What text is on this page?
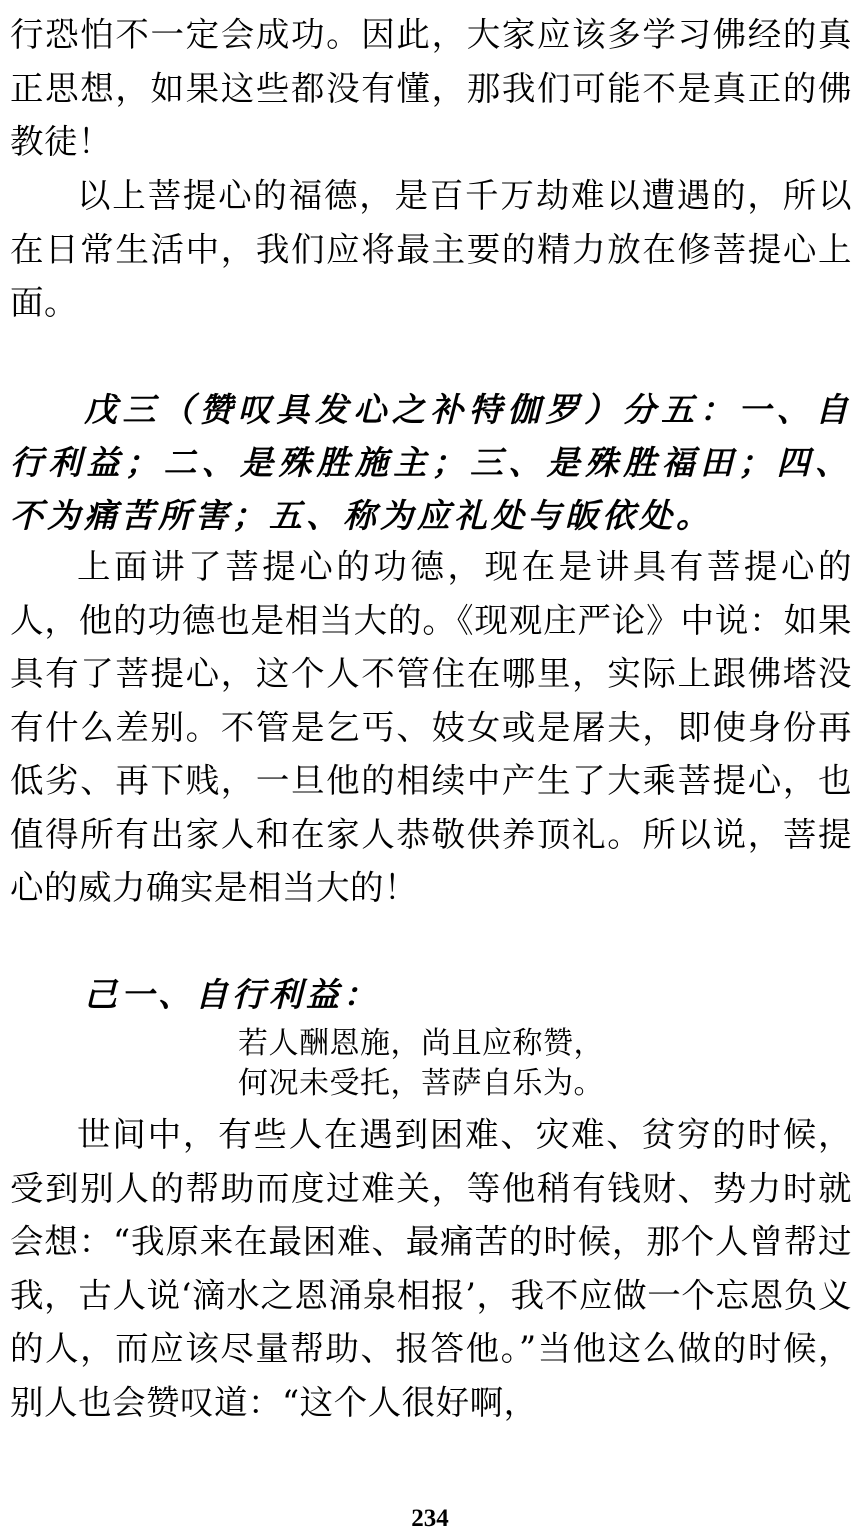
行恐怕不一定会成功。因此，大家应该多学习佛经的真正思想，如果这些都没有懂，那我们可能不是真正的佛教徒！

以上菩提心的福德，是百千万劫难以遭遇的，所以在日常生活中，我们应将最主要的精力放在修菩提心上面。

戊三（赞叹具发心之补特伽罗）分五：一、自行利益；二、是殊胜施主；三、是殊胜福田；四、不为痛苦所害；五、称为应礼处与皈依处。

上面讲了菩提心的功德，现在是讲具有菩提心的人，他的功德也是相当大的。《现观庄严论》中说：如果具有了菩提心，这个人不管住在哪里，实际上跟佛塔没有什么差别。不管是乞丐、妓女或是屠夫，即使身份再低劣、再下贱，一旦他的相续中产生了大乘菩提心，也值得所有出家人和在家人恭敬供养顶礼。所以说，菩提心的威力确实是相当大的！

己一、自行利益：

若人酬恩施，尚且应称赞，

何况未受托，菩萨自乐为。

世间中，有些人在遇到困难、灾难、贫穷的时候，受到别人的帮助而度过难关，等他稍有钱财、势力时就会想：“我原来在最困难、最痛苦的时候，那个人曾帮过我，古人说‘滴水之恩涌泉相报’，我不应做一个忘恩负义的人，而应该尽量帮助、报答他。”当他这么做的时候，别人也会赞叹道：“这个人很好啊，

234
